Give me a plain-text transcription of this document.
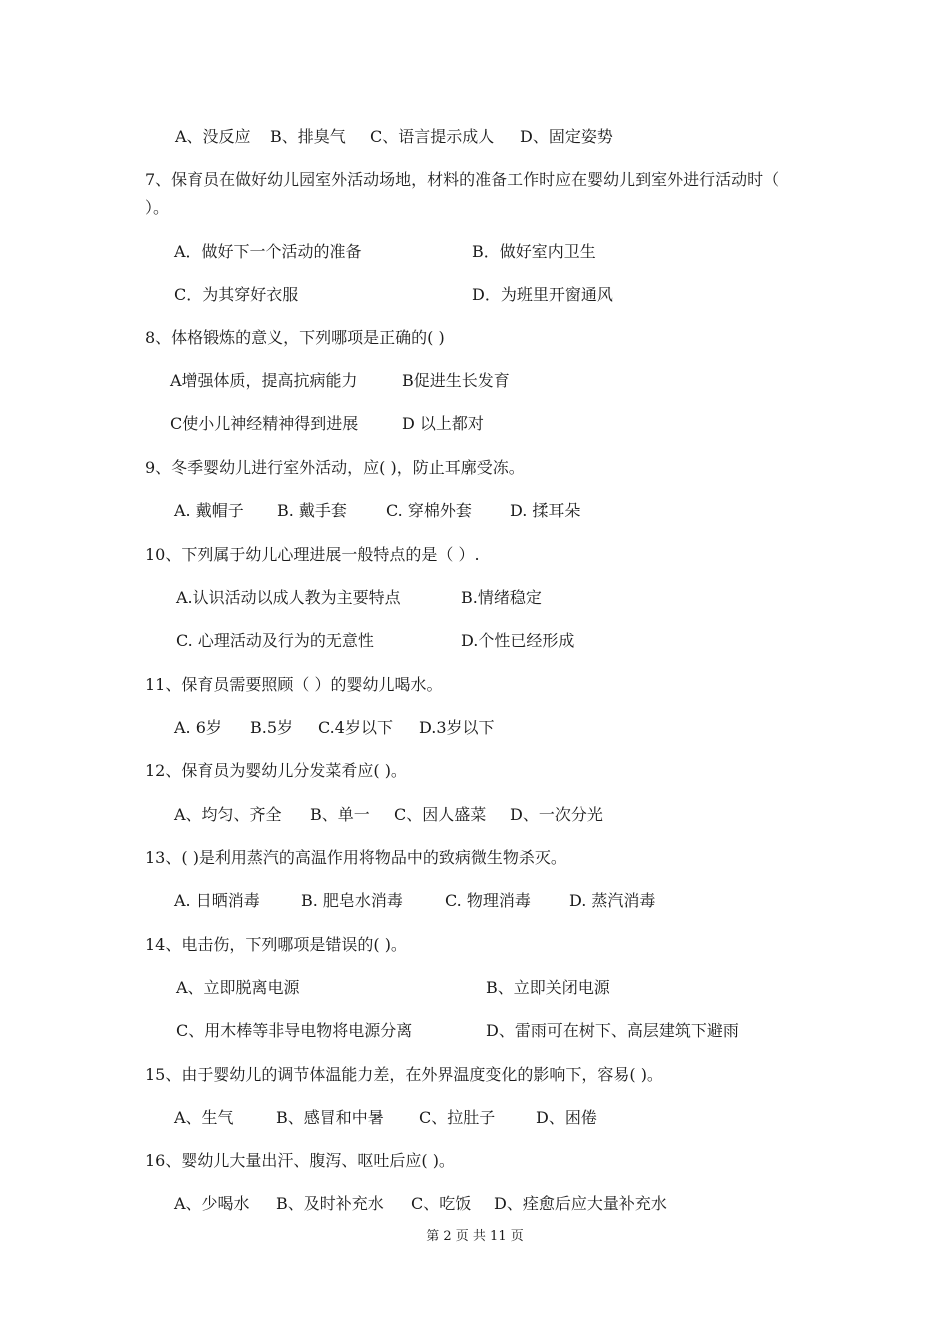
A、没反应 B、排臭气 C、语言提示成人 D、固定姿势
7、保育员在做好幼儿园室外活动场地，材料的准备工作时应在婴幼儿到室外进行活动时（
）。
A．做好下一个活动的准备	B．做好室内卫生
C．为其穿好衣服	D．为班里开窗通风
8、体格锻炼的意义，下列哪项是正确的( )
A增强体质，提高抗病能力	B促进生长发育
C使小儿神经精神得到进展	D 以上都对
9、冬季婴幼儿进行室外活动，应( )，防止耳廓受冻。
A. 戴帽子 B. 戴手套 C. 穿棉外套 D. 揉耳朵
10、下列属于幼儿心理进展一般特点的是（ ）.
A.认识活动以成人教为主要特点	B.情绪稳定
C. 心理活动及行为的无意性	D.个性已经形成
11、保育员需要照顾（ ）的婴幼儿喝水。
A. 6岁 B.5岁 C.4岁以下 D.3岁以下
12、保育员为婴幼儿分发菜肴应( )。
A、均匀、齐全 B、单一 C、因人盛菜 D、一次分光
13、( )是利用蒸汽的高温作用将物品中的致病微生物杀灭。
A. 日晒消毒	B. 肥皂水消毒	C. 物理消毒 D. 蒸汽消毒
14、电击伤，下列哪项是错误的( )。
A、立即脱离电源	B、立即关闭电源
C、用木棒等非导电物将电源分离	D、雷雨可在树下、高层建筑下避雨
15、由于婴幼儿的调节体温能力差，在外界温度变化的影响下，容易( )。
A、生气	B、感冒和中暑 C、拉肚子	D、困倦
16、婴幼儿大量出汗、腹泻、呕吐后应( )。
A、少喝水 B、及时补充水 C、吃饭 D、痊愈后应大量补充水
第 2 页 共 11 页
